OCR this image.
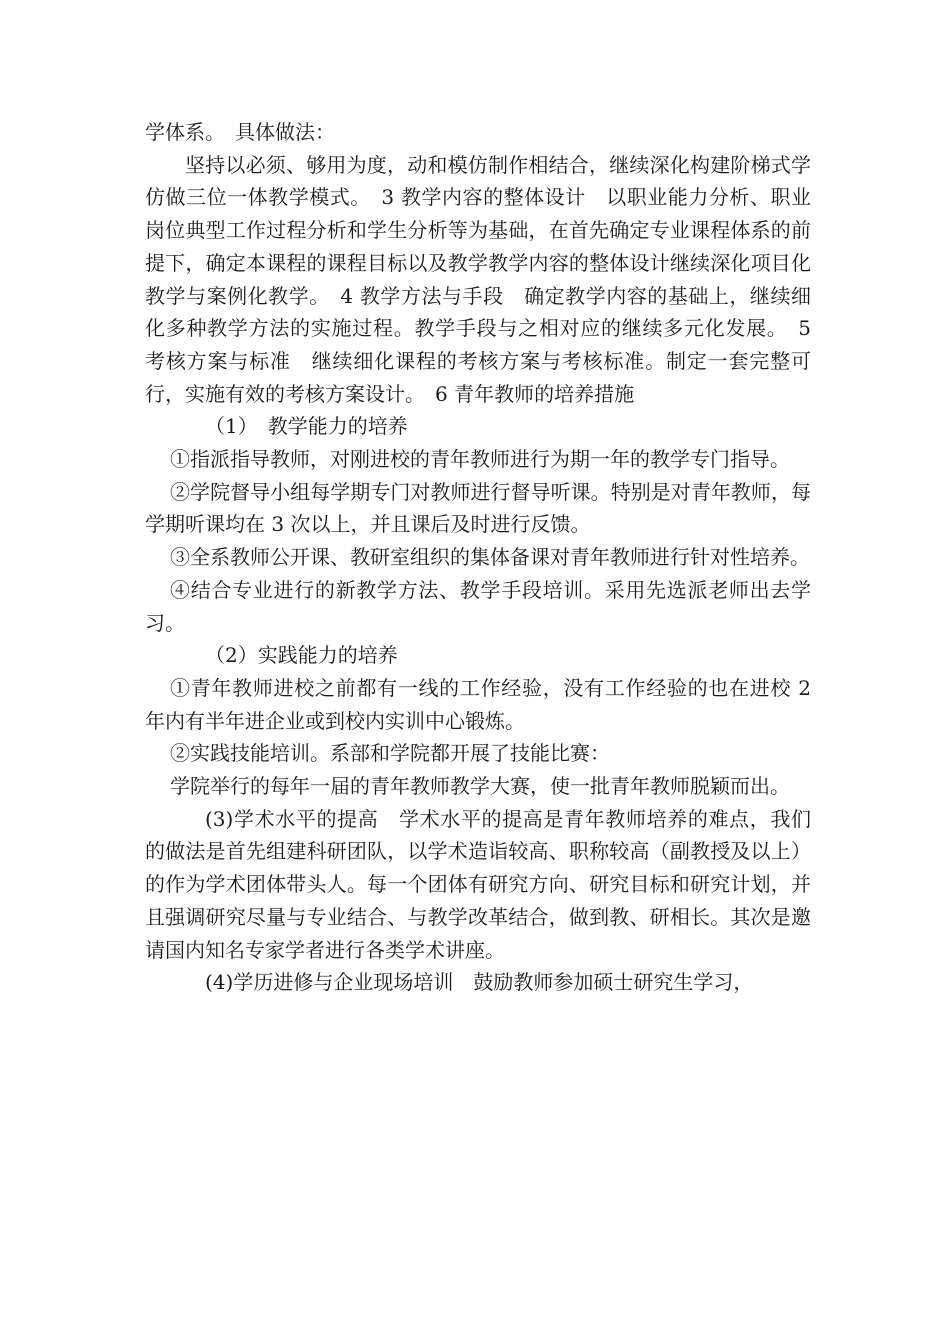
学体系。　具体做法：

坚持以必须、够用为度，动和模仿制作相结合，继续深化构建阶梯式学仿做三位一体教学模式。　3 教学内容的整体设计　以职业能力分析、职业岗位典型工作过程分析和学生分析等为基础，在首先确定专业课程体系的前提下，确定本课程的课程目标以及教学教学内容的整体设计继续深化项目化教学与案例化教学。　4 教学方法与手段　确定教学内容的基础上，继续细化多种教学方法的实施过程。教学手段与之相对应的继续多元化发展。　5 考核方案与标准　继续细化课程的考核方案与考核标准。制定一套完整可行，实施有效的考核方案设计。　6 青年教师的培养措施

（1）　教学能力的培养

①指派指导教师，对刚进校的青年教师进行为期一年的教学专门指导。

②学院督导小组每学期专门对教师进行督导听课。特别是对青年教师，每学期听课均在 3 次以上，并且课后及时进行反馈。

③全系教师公开课、教研室组织的集体备课对青年教师进行针对性培养。

④结合专业进行的新教学方法、教学手段培训。采用先选派老师出去学习。

（2）实践能力的培养

①青年教师进校之前都有一线的工作经验，没有工作经验的也在进校 2 年内有半年进企业或到校内实训中心锻炼。

②实践技能培训。系部和学院都开展了技能比赛：

学院举行的每年一届的青年教师教学大赛，使一批青年教师脱颖而出。

(3)学术水平的提高　学术水平的提高是青年教师培养的难点，我们的做法是首先组建科研团队，以学术造诣较高、职称较高（副教授及以上）的作为学术团体带头人。每一个团体有研究方向、研究目标和研究计划，并且强调研究尽量与专业结合、与教学改革结合，做到教、研相长。其次是邀请国内知名专家学者进行各类学术讲座。

(4)学历进修与企业现场培训　鼓励教师参加硕士研究生学习，
